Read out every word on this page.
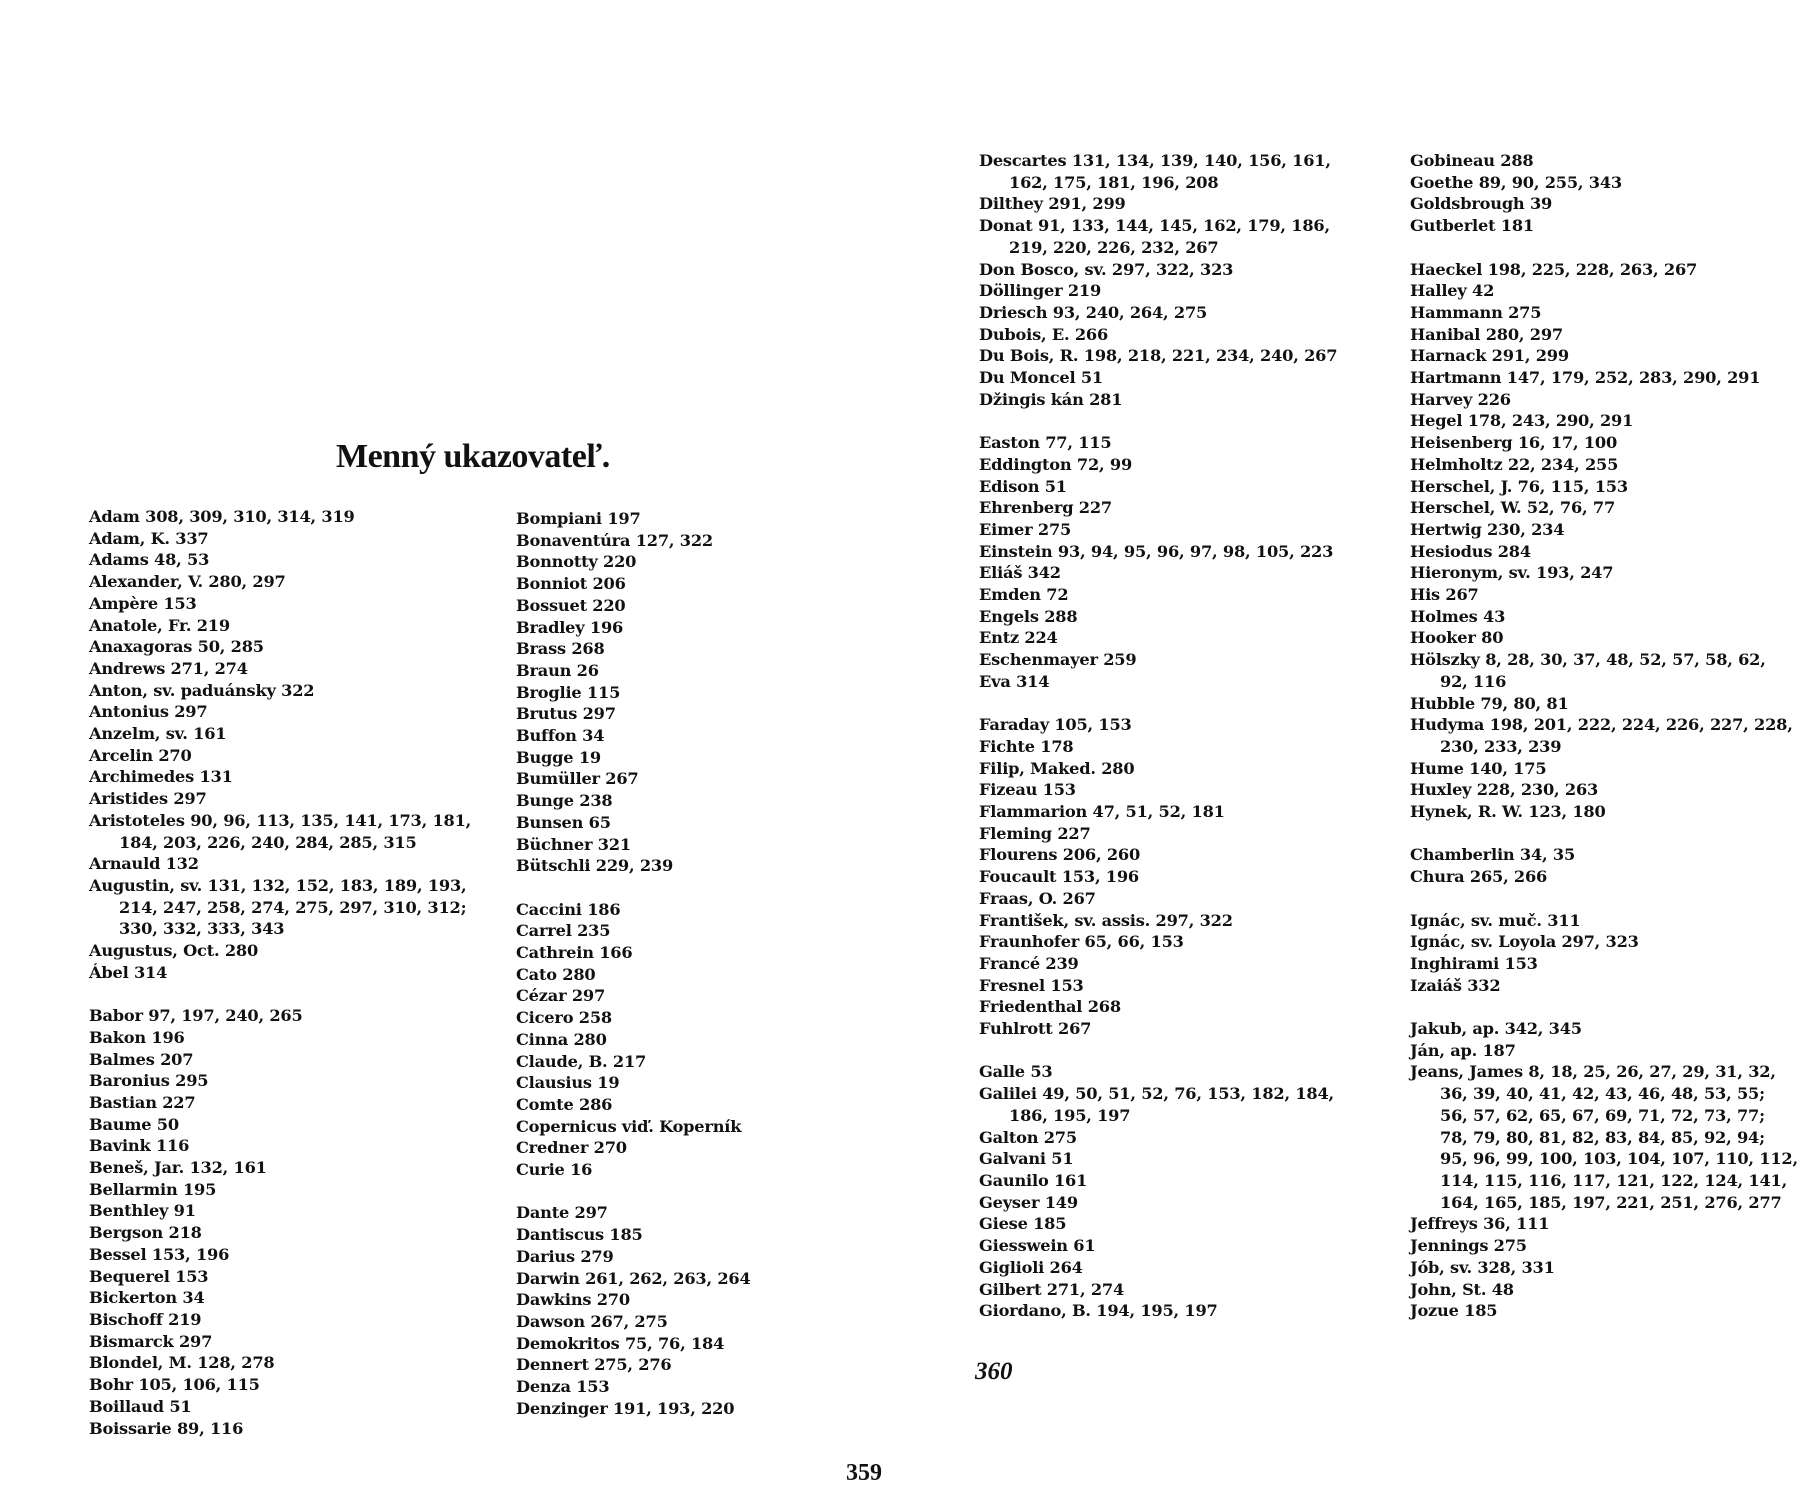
Menný ukazovateľ.
Adam 308, 309, 310, 314, 319
Adam, K. 337
Adams 48, 53
Alexander, V. 280, 297
Ampère 153
Anatole, Fr. 219
Anaxagoras 50, 285
Andrews 271, 274
Anton, sv. paduánsky 322
Antonius 297
Anzelm, sv. 161
Arcelin 270
Archimedes 131
Aristides 297
Aristoteles 90, 96, 113, 135, 141, 173, 181,
184, 203, 226, 240, 284, 285, 315
Arnauld 132
Augustin, sv. 131, 132, 152, 183, 189, 193,
214, 247, 258, 274, 275, 297, 310, 312;
330, 332, 333, 343
Augustus, Oct. 280
Ábel 314
Babor 97, 197, 240, 265
Bakon 196
Balmes 207
Baronius 295
Bastian 227
Baume 50
Bavink 116
Beneš, Jar. 132, 161
Bellarmin 195
Benthley 91
Bergson 218
Bessel 153, 196
Bequerel 153
Bickerton 34
Bischoff 219
Bismarck 297
Blondel, M. 128, 278
Bohr 105, 106, 115
Boillaud 51
Boissarie 89, 116
Bompiani 197
Bonaventúra 127, 322
Bonnotty 220
Bonniot 206
Bossuet 220
Bradley 196
Brass 268
Braun 26
Broglie 115
Brutus 297
Buffon 34
Bugge 19
Bumüller 267
Bunge 238
Bunsen 65
Büchner 321
Bütschli 229, 239
Caccini 186
Carrel 235
Cathrein 166
Cato 280
Cézar 297
Cicero 258
Cinna 280
Claude, B. 217
Clausius 19
Comte 286
Copernicus viď. Koperník
Credner 270
Curie 16
Dante 297
Dantiscus 185
Darius 279
Darwin 261, 262, 263, 264
Dawkins 270
Dawson 267, 275
Demokritos 75, 76, 184
Dennert 275, 276
Denza 153
Denzinger 191, 193, 220
Descartes 131, 134, 139, 140, 156, 161,
162, 175, 181, 196, 208
Dilthey 291, 299
Donat 91, 133, 144, 145, 162, 179, 186,
219, 220, 226, 232, 267
Don Bosco, sv. 297, 322, 323
Döllinger 219
Driesch 93, 240, 264, 275
Dubois, E. 266
Du Bois, R. 198, 218, 221, 234, 240, 267
Du Moncel 51
Džingis kán 281
Easton 77, 115
Eddington 72, 99
Edison 51
Ehrenberg 227
Eimer 275
Einstein 93, 94, 95, 96, 97, 98, 105, 223
Eliáš 342
Emden 72
Engels 288
Entz 224
Eschenmayer 259
Eva 314
Faraday 105, 153
Fichte 178
Filip, Maked. 280
Fizeau 153
Flammarion 47, 51, 52, 181
Fleming 227
Flourens 206, 260
Foucault 153, 196
Fraas, O. 267
František, sv. assis. 297, 322
Fraunhofer 65, 66, 153
Francé 239
Fresnel 153
Friedenthal 268
Fuhlrott 267
Galle 53
Galilei 49, 50, 51, 52, 76, 153, 182, 184,
186, 195, 197
Galton 275
Galvani 51
Gaunilo 161
Geyser 149
Giese 185
Giesswein 61
Giglioli 264
Gilbert 271, 274
Giordano, B. 194, 195, 197
Gobineau 288
Goethe 89, 90, 255, 343
Goldsbrough 39
Gutberlet 181
Haeckel 198, 225, 228, 263, 267
Halley 42
Hammann 275
Hanibal 280, 297
Harnack 291, 299
Hartmann 147, 179, 252, 283, 290, 291
Harvey 226
Hegel 178, 243, 290, 291
Heisenberg 16, 17, 100
Helmholtz 22, 234, 255
Herschel, J. 76, 115, 153
Herschel, W. 52, 76, 77
Hertwig 230, 234
Hesiodus 284
Hieronym, sv. 193, 247
His 267
Holmes 43
Hooker 80
Hölszky 8, 28, 30, 37, 48, 52, 57, 58, 62,
92, 116
Hubble 79, 80, 81
Hudyma 198, 201, 222, 224, 226, 227, 228,
230, 233, 239
Hume 140, 175
Huxley 228, 230, 263
Hynek, R. W. 123, 180
Chamberlin 34, 35
Chura 265, 266
Ignác, sv. muč. 311
Ignác, sv. Loyola 297, 323
Inghirami 153
Izaiáš 332
Jakub, ap. 342, 345
Ján, ap. 187
Jeans, James 8, 18, 25, 26, 27, 29, 31, 32,
36, 39, 40, 41, 42, 43, 46, 48, 53, 55;
56, 57, 62, 65, 67, 69, 71, 72, 73, 77;
78, 79, 80, 81, 82, 83, 84, 85, 92, 94;
95, 96, 99, 100, 103, 104, 107, 110, 112,
114, 115, 116, 117, 121, 122, 124, 141,
164, 165, 185, 197, 221, 251, 276, 277
Jeffreys 36, 111
Jennings 275
Jób, sv. 328, 331
John, St. 48
Jozue 185
360
359
